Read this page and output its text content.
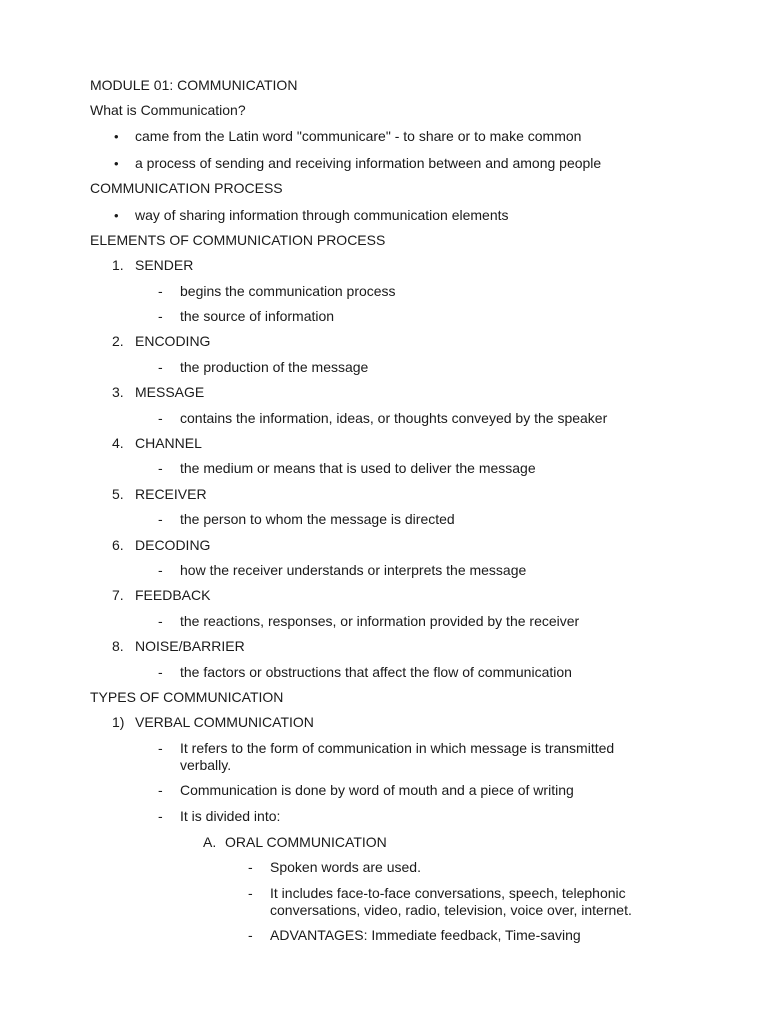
MODULE 01: COMMUNICATION
What is Communication?
• came from the Latin word "communicare" - to share or to make common
• a process of sending and receiving information between and among people
COMMUNICATION PROCESS
• way of sharing information through communication elements
ELEMENTS OF COMMUNICATION PROCESS
1. SENDER
- begins the communication process
- the source of information
2. ENCODING
- the production of the message
3. MESSAGE
- contains the information, ideas, or thoughts conveyed by the speaker
4. CHANNEL
- the medium or means that is used to deliver the message
5. RECEIVER
- the person to whom the message is directed
6. DECODING
- how the receiver understands or interprets the message
7. FEEDBACK
- the reactions, responses, or information provided by the receiver
8. NOISE/BARRIER
- the factors or obstructions that affect the flow of communication
TYPES OF COMMUNICATION
1) VERBAL COMMUNICATION
- It refers to the form of communication in which message is transmitted verbally.
- Communication is done by word of mouth and a piece of writing
- It is divided into:
A. ORAL COMMUNICATION
- Spoken words are used.
- It includes face-to-face conversations, speech, telephonic conversations, video, radio, television, voice over, internet.
- ADVANTAGES: Immediate feedback, Time-saving
